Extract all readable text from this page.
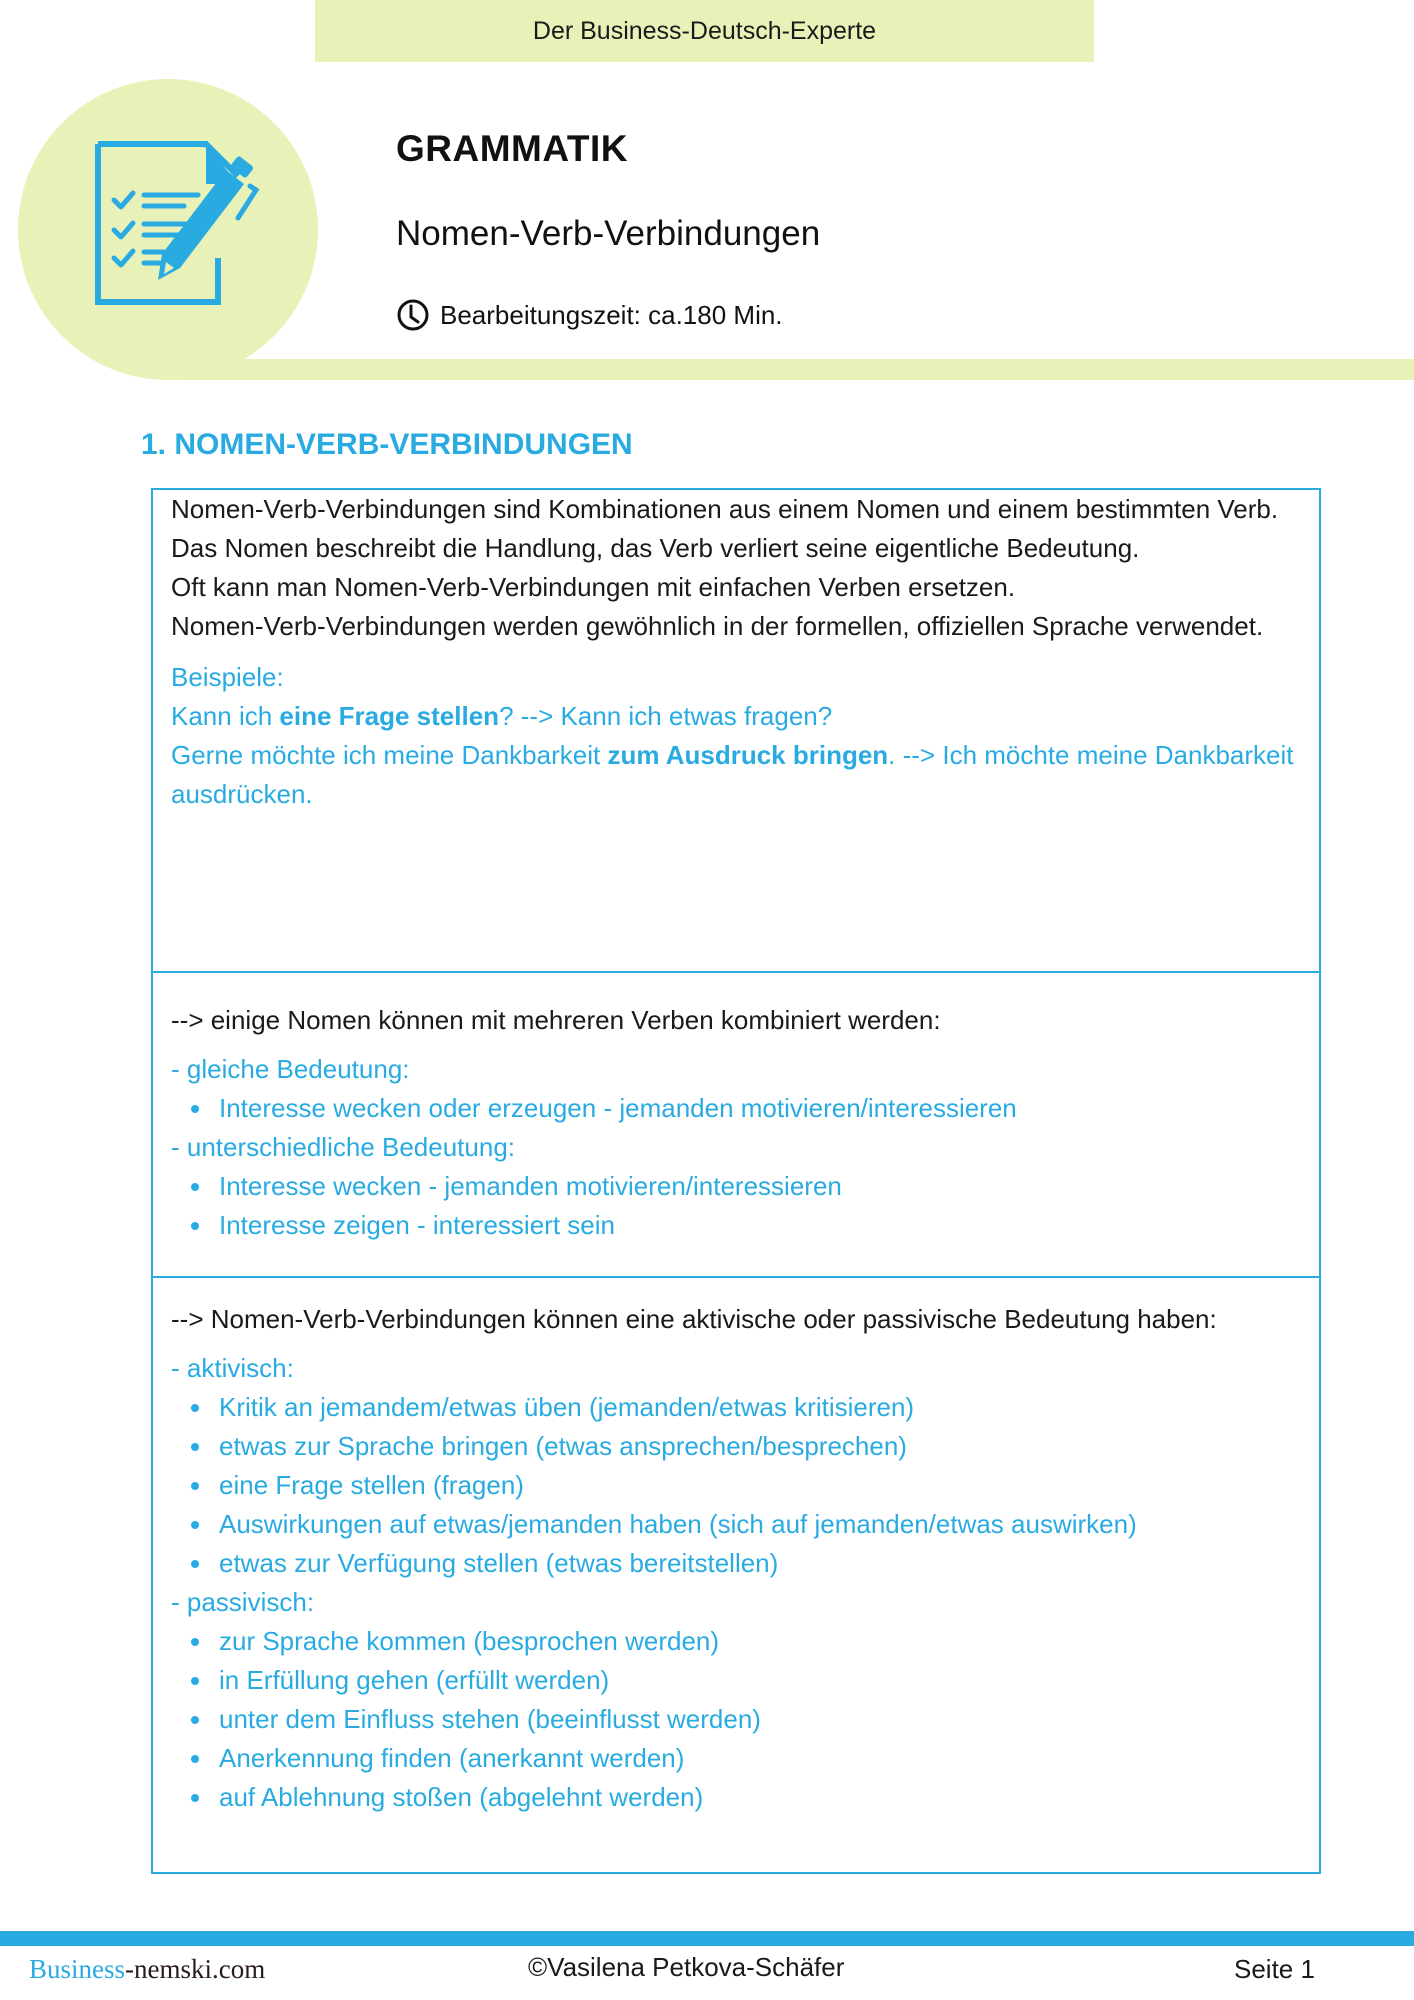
Der Business-Deutsch-Experte
GRAMMATIK
Nomen-Verb-Verbindungen
Bearbeitungszeit: ca.180 Min.
1. NOMEN-VERB-VERBINDUNGEN

Nomen-Verb-Verbindungen sind Kombinationen aus einem Nomen und einem bestimmten Verb.

Das Nomen beschreibt die Handlung, das Verb verliert seine eigentliche Bedeutung.

Oft kann man Nomen-Verb-Verbindungen mit einfachen Verben ersetzen.

Nomen-Verb-Verbindungen werden gewöhnlich in der formellen, offiziellen Sprache verwendet.

Beispiele:

Kann ich eine Frage stellen? --> Kann ich etwas fragen?

Gerne möchte ich meine Dankbarkeit zum Ausdruck bringen. --> Ich möchte meine Dankbarkeit ausdrücken.

--> einige Nomen können mit mehreren Verben kombiniert werden:

- gleiche Bedeutung:

Interesse wecken oder erzeugen - jemanden motivieren/interessieren

- unterschiedliche Bedeutung:

Interesse wecken - jemanden motivieren/interessieren
Interesse zeigen - interessiert sein

--> Nomen-Verb-Verbindungen können eine aktivische oder passivische Bedeutung haben:

- aktivisch:

Kritik an jemandem/etwas üben (jemanden/etwas kritisieren)
etwas zur Sprache bringen (etwas ansprechen/besprechen)
eine Frage stellen (fragen)
Auswirkungen auf etwas/jemanden haben (sich auf jemanden/etwas auswirken)
etwas zur Verfügung stellen (etwas bereitstellen)

- passivisch:

zur Sprache kommen (besprochen werden)
in Erfüllung gehen (erfüllt werden)
unter dem Einfluss stehen (beeinflusst werden)
Anerkennung finden (anerkannt werden)
auf Ablehnung stoßen (abgelehnt werden)
Business-nemski.com	©Vasilena Petkova-Schäfer	Seite 1
